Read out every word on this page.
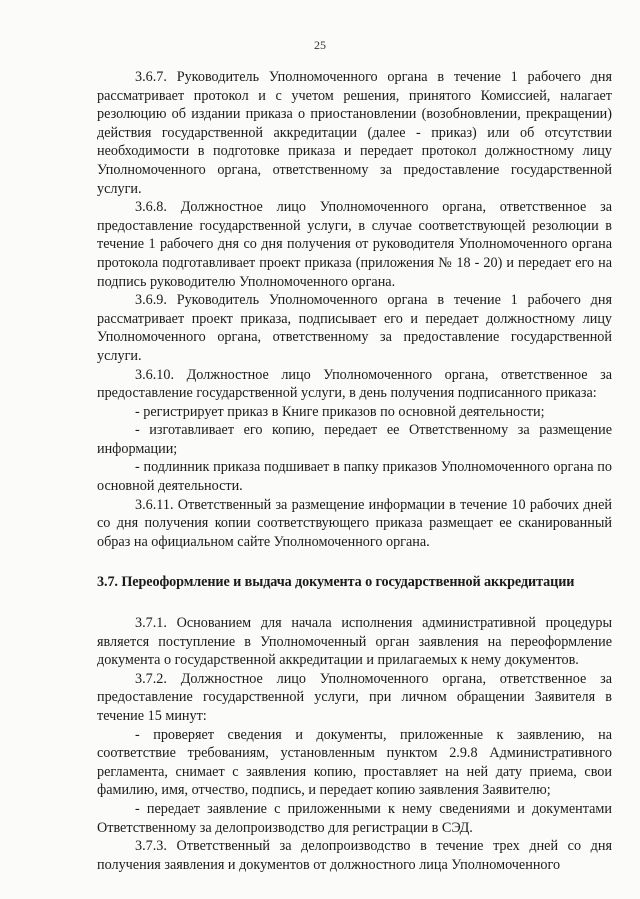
25

3.6.7. Руководитель Уполномоченного органа в течение 1 рабочего дня рассматривает протокол и с учетом решения, принятого Комиссией, налагает резолюцию об издании приказа о приостановлении (возобновлении, прекращении) действия государственной аккредитации (далее - приказ) или об отсутствии необходимости в подготовке приказа и передает протокол должностному лицу Уполномоченного органа, ответственному за предоставление государственной услуги.

3.6.8. Должностное лицо Уполномоченного органа, ответственное за предоставление государственной услуги, в случае соответствующей резолюции в течение 1 рабочего дня со дня получения от руководителя Уполномоченного органа протокола подготавливает проект приказа (приложения № 18 - 20) и передает его на подпись руководителю Уполномоченного органа.

3.6.9. Руководитель Уполномоченного органа в течение 1 рабочего дня рассматривает проект приказа, подписывает его и передает должностному лицу Уполномоченного органа, ответственному за предоставление государственной услуги.

3.6.10. Должностное лицо Уполномоченного органа, ответственное за предоставление государственной услуги, в день получения подписанного приказа:

- регистрирует приказ в Книге приказов по основной деятельности;

- изготавливает его копию, передает ее Ответственному за размещение информации;

- подлинник приказа подшивает в папку приказов Уполномоченного органа по основной деятельности.

3.6.11. Ответственный за размещение информации в течение 10 рабочих дней со дня получения копии соответствующего приказа размещает ее сканированный образ на официальном сайте Уполномоченного органа.

3.7. Переоформление и выдача документа о государственной аккредитации

3.7.1. Основанием для начала исполнения административной процедуры является поступление в Уполномоченный орган заявления на переоформление документа о государственной аккредитации и прилагаемых к нему документов.

3.7.2. Должностное лицо Уполномоченного органа, ответственное за предоставление государственной услуги, при личном обращении Заявителя в течение 15 минут:

- проверяет сведения и документы, приложенные к заявлению, на соответствие требованиям, установленным пунктом 2.9.8 Административного регламента, снимает с заявления копию, проставляет на ней дату приема, свои фамилию, имя, отчество, подпись, и передает копию заявления Заявителю;

- передает заявление с приложенными к нему сведениями и документами Ответственному за делопроизводство для регистрации в СЭД.

3.7.3. Ответственный за делопроизводство в течение трех дней со дня получения заявления и документов от должностного лица Уполномоченного
